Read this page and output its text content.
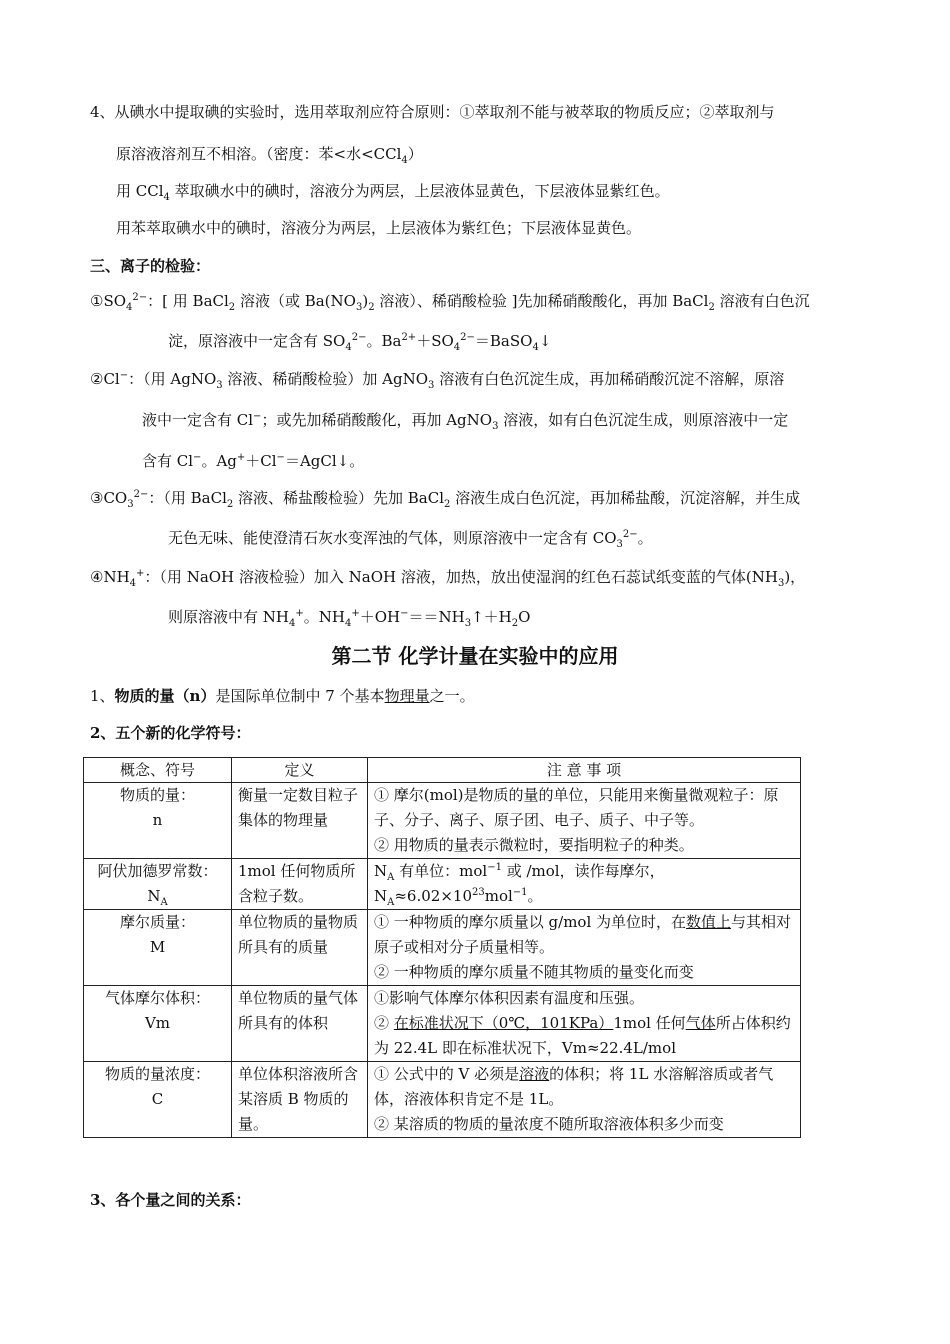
4、从碘水中提取碘的实验时，选用萃取剂应符合原则：①萃取剂不能与被萃取的物质反应；②萃取剂与
原溶液溶剂互不相溶。（密度：苯<水<CCl$_4$）
用 CCl$_4$ 萃取碘水中的碘时，溶液分为两层，上层液体显黄色，下层液体显紫红色。
用苯萃取碘水中的碘时，溶液分为两层，上层液体为紫红色；下层液体显黄色。
三、离子的检验：
$①SO_4^{2-}$：[ 用 BaCl$_2$ 溶液（或 $Ba(NO_3)_2$ 溶液）、稀硝酸检验 ]先加稀硝酸酸化，再加 BaCl$_2$ 溶液有白色沉
淀，原溶液中一定含有 $SO_4^{2-}$。$Ba^{2+}+SO_4^{2-}=BaSO_4↓$
②Cl−：（用 AgNO$_3$ 溶液、稀硝酸检验）加 AgNO$_3$ 溶液有白色沉淀生成，再加稀硝酸沉淀不溶解，原溶
液中一定含有 Cl−；或先加稀硝酸酸化，再加 AgNO$_3$ 溶液，如有白色沉淀生成，则原溶液中一定
含有 Cl−。Ag+＋Cl−＝AgCl↓。
$③CO_3^{2-}$：（用 BaCl$_2$ 溶液、稀盐酸检验）先加 BaCl$_2$ 溶液生成白色沉淀，再加稀盐酸，沉淀溶解，并生成
无色无味、能使澄清石灰水变浑浊的气体，则原溶液中一定含有 $CO_3^{2-}$。
$④NH_4^+$：（用 NaOH 溶液检验）加入 NaOH 溶液，加热，放出使湿润的红色石蕊试纸变蓝的气体$(NH_3)$，
则原溶液中有 $NH_4^+$。$NH_4^++OH^-==NH_3↑+H_2O$
第二节 化学计量在实验中的应用
1、物质的量（n）是国际单位制中 7 个基本物理量之一。
2、五个新的化学符号：
概念、符号	定义	注 意 事 项

物质的量：
n	衡量一定数目粒子集体的物理量	① 摩尔(mol)是物质的量的单位，只能用来衡量微观粒子：原子、分子、离子、原子团、电子、质子、中子等。
② 用物质的量表示微粒时，要指明粒子的种类。

阿伏加德罗常数：
$N_A$	1mol 任何物质所含粒子数。	$N_A$ 有单位：mol$^{-1}$ 或 /mol，读作每摩尔，
$N_A\approx 6.02\times 10^{23}mol^{-1}$。

摩尔质量：
M	单位物质的量物质所具有的质量	① 一种物质的摩尔质量以 g/mol 为单位时，在数值上与其相对原子或相对分子质量相等。
② 一种物质的摩尔质量不随其物质的量变化而变

气体摩尔体积：
Vm	单位物质的量气体所具有的体积	①影响气体摩尔体积因素有温度和压强。
② 在标准状况下（0℃，101KPa）1mol 任何气体所占体积约为 22.4L 即在标准状况下，Vm≈22.4L/mol

物质的量浓度：
C	单位体积溶液所含某溶质 B 物质的量。	① 公式中的 V 必须是溶液的体积；将 1L 水溶解溶质或者气体，溶液体积肯定不是 1L。
② 某溶质的物质的量浓度不随所取溶液体积多少而变
3、各个量之间的关系：
